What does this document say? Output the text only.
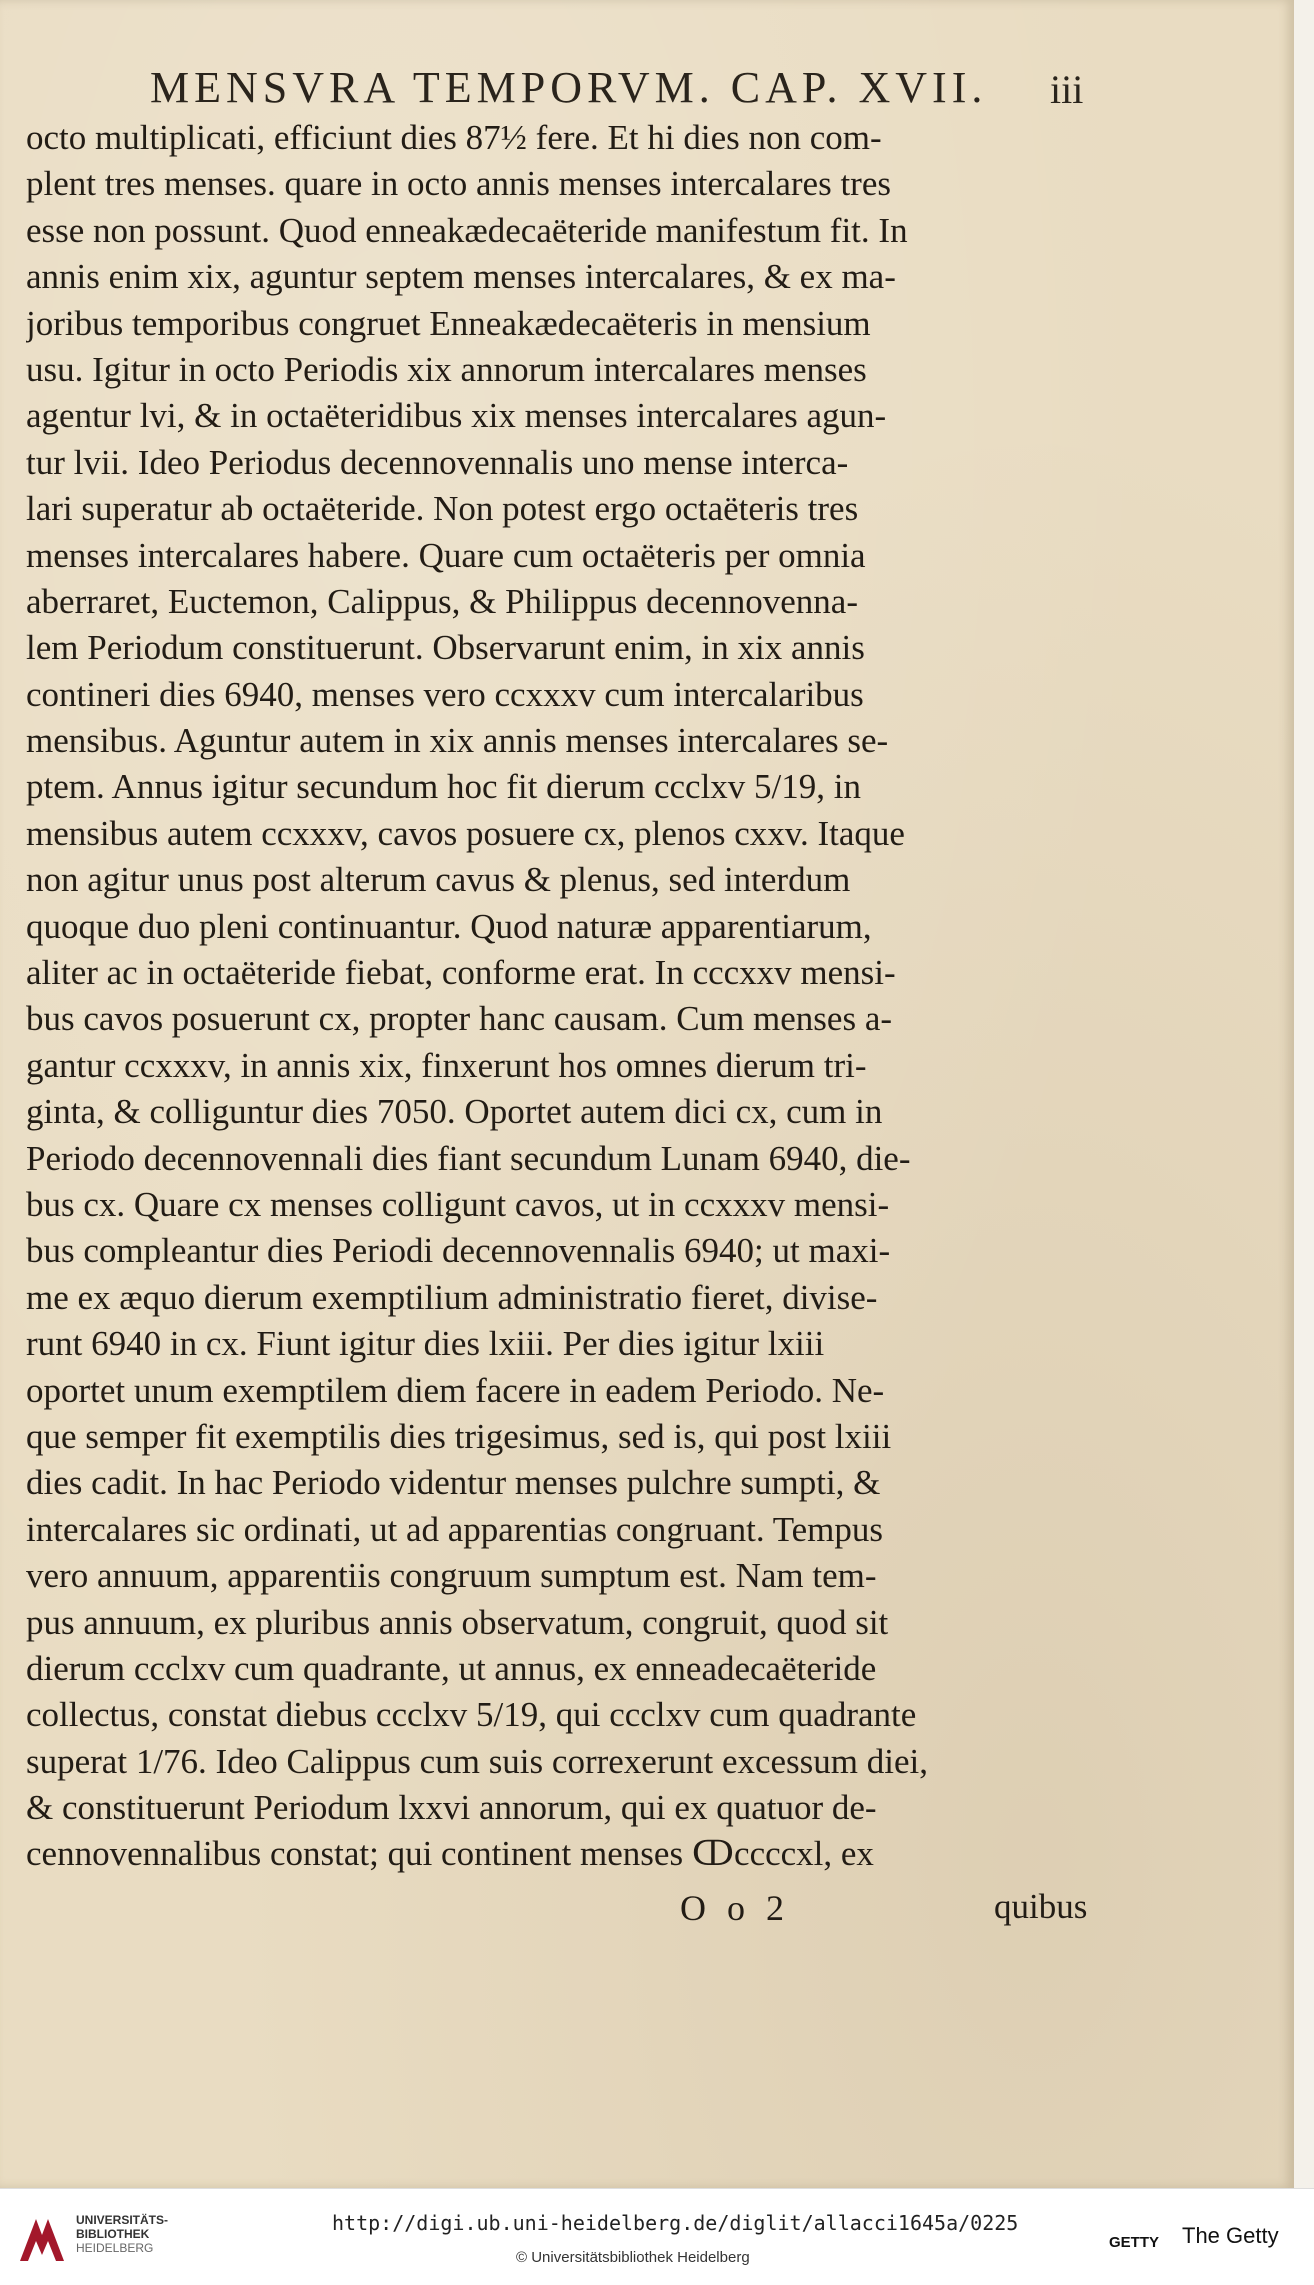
MENSVRA TEMPORVM. CAP. XVII.	iii
octo multiplicati, efficiunt dies 87½ fere. Et hi dies non com-
plent tres menses. quare in octo annis menses intercalares tres
esse non possunt. Quod enneakædecaëteride manifestum fit. In
annis enim xix, aguntur septem menses intercalares, & ex ma-
joribus temporibus congruet Enneakædecaëteris in mensium
usu. Igitur in octo Periodis xix annorum intercalares menses
agentur lvi, & in octaëteridibus xix menses intercalares agun-
tur lvii. Ideo Periodus decennovennalis uno mense interca-
lari superatur ab octaëteride. Non potest ergo octaëteris tres
menses intercalares habere. Quare cum octaëteris per omnia
aberraret, Euctemon, Calippus, & Philippus decennovenna-
lem Periodum constituerunt. Observarunt enim, in xix annis
contineri dies 6940, menses vero ccxxxv cum intercalaribus
mensibus. Aguntur autem in xix annis menses intercalares se-
ptem. Annus igitur secundum hoc fit dierum ccclxv 5/19, in
mensibus autem ccxxxv, cavos posuere cx, plenos cxxv. Itaque
non agitur unus post alterum cavus & plenus, sed interdum
quoque duo pleni continuantur. Quod naturæ apparentiarum,
aliter ac in octaëteride fiebat, conforme erat. In cccxxv mensi-
bus cavos posuerunt cx, propter hanc causam. Cum menses a-
gantur ccxxxv, in annis xix, finxerunt hos omnes dierum tri-
ginta, & colliguntur dies 7050. Oportet autem dici cx, cum in
Periodo decennovennali dies fiant secundum Lunam 6940, die-
bus cx. Quare cx menses colligunt cavos, ut in ccxxxv mensi-
bus compleantur dies Periodi decennovennalis 6940; ut maxi-
me ex æquo dierum exemptilium administratio fieret, divise-
runt 6940 in cx. Fiunt igitur dies lxiii. Per dies igitur lxiii
oportet unum exemptilem diem facere in eadem Periodo. Ne-
que semper fit exemptilis dies trigesimus, sed is, qui post lxiii
dies cadit. In hac Periodo videntur menses pulchre sumpti, &
intercalares sic ordinati, ut ad apparentias congruant. Tempus
vero annuum, apparentiis congruum sumptum est. Nam tem-
pus annuum, ex pluribus annis observatum, congruit, quod sit
dierum ccclxv cum quadrante, ut annus, ex enneadecaëteride
collectus, constat diebus ccclxv 5/19, qui ccclxv cum quadrante
superat 1/76. Ideo Calippus cum suis correxerunt excessum diei,
& constituerunt Periodum lxxvi annorum, qui ex quatuor de-
cennovennalibus constat; qui continent menses ↀccccxl, ex
O o 2	quibus
UNIVERSITÄTS-
BIBLIOTHEK
HEIDELBERG
http://digi.ub.uni-heidelberg.de/diglit/allacci1645a/0225
© Universitätsbibliothek Heidelberg
GETTY The Getty
